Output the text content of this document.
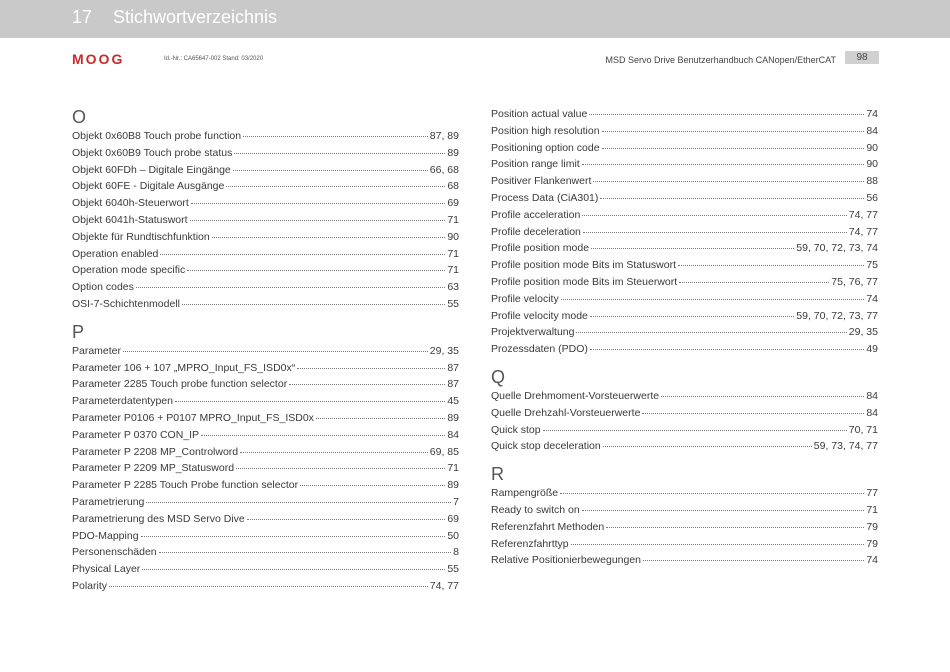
17 Stichwortverzeichnis
MOOG	Id.-Nr.: CA65647-002 Stand: 03/2020	MSD Servo Drive Benutzerhandbuch CANopen/EtherCAT	98
O
Objekt 0x60B8 Touch probe function	87, 89
Objekt 0x60B9 Touch probe status	89
Objekt 60FDh – Digitale Eingänge	66, 68
Objekt 60FE - Digitale Ausgänge	68
Objekt 6040h-Steuerwort	69
Objekt 6041h-Statuswort	71
Objekte für Rundtischfunktion	90
Operation enabled	71
Operation mode specific	71
Option codes	63
OSI-7-Schichtenmodell	55
P
Parameter	29, 35
Parameter 106 + 107 „MPRO_Input_FS_ISD0x“	87
Parameter 2285 Touch probe function selector	87
Parameterdatentypen	45
Parameter P0106 + P0107 MPRO_Input_FS_ISD0x	89
Parameter P 0370 CON_IP	84
Parameter P 2208 MP_Controlword	69, 85
Parameter P 2209 MP_Statusword	71
Parameter P 2285 Touch Probe function selector	89
Parametrierung	7
Parametrierung des MSD Servo Dive	69
PDO-Mapping	50
Personenschäden	8
Physical Layer	55
Polarity	74, 77
Position actual value	74
Position high resolution	84
Positioning option code	90
Position range limit	90
Positiver Flankenwert	88
Process Data (CiA301)	56
Profile acceleration	74, 77
Profile deceleration	74, 77
Profile position mode	59, 70, 72, 73, 74
Profile position mode Bits im Statuswort	75
Profile position mode Bits im Steuerwort	75, 76, 77
Profile velocity	74
Profile velocity mode	59, 70, 72, 73, 77
Projektverwaltung	29, 35
Prozessdaten (PDO)	49
Q
Quelle Drehmoment-Vorsteuerwerte	84
Quelle Drehzahl-Vorsteuerwerte	84
Quick stop	70, 71
Quick stop deceleration	59, 73, 74, 77
R
Rampengröße	77
Ready to switch on	71
Referenzfahrt Methoden	79
Referenzfahrttyp	79
Relative Positionierbewegungen	74
